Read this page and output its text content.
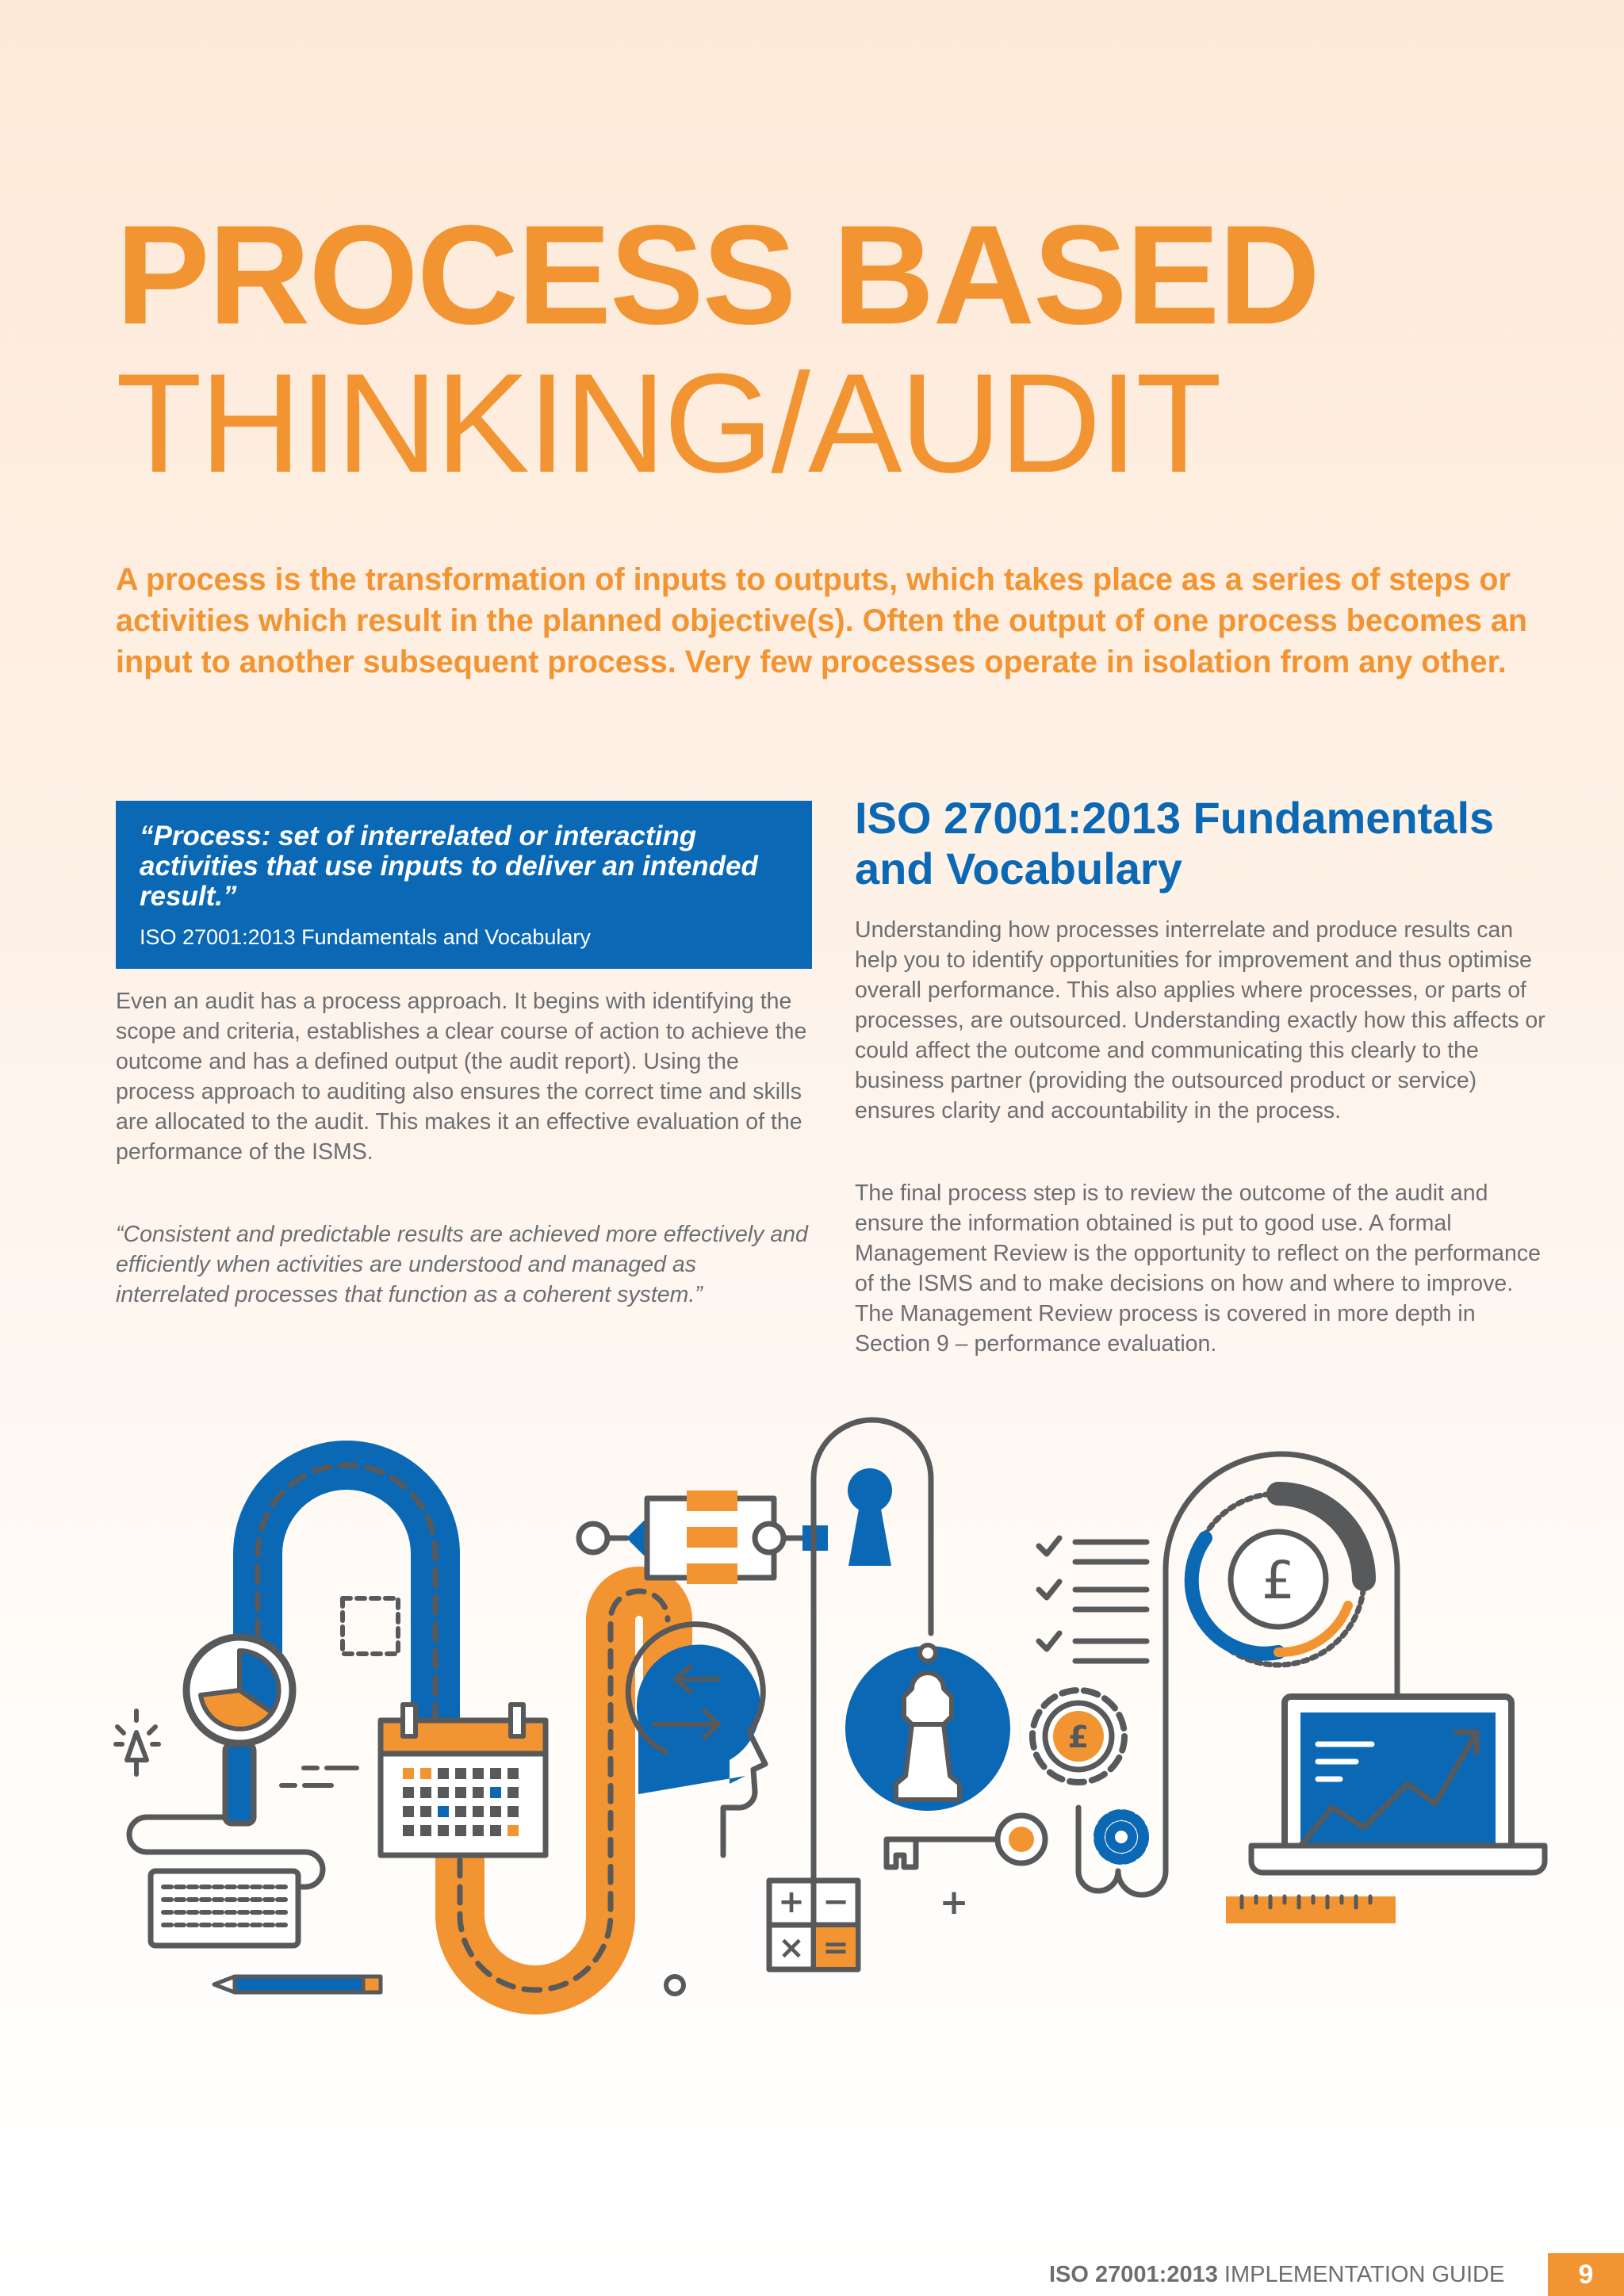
PROCESS BASED
THINKING/AUDIT

A process is the transformation of inputs to outputs, which takes place as a series of steps or activities which result in the planned objective(s). Often the output of one process becomes an input to another subsequent process. Very few processes operate in isolation from any other.

“Process: set of interrelated or interacting activities that use inputs to deliver an intended result.”

ISO 27001:2013 Fundamentals and Vocabulary

Even an audit has a process approach. It begins with identifying the scope and criteria, establishes a clear course of action to achieve the outcome and has a defined output (the audit report). Using the process approach to auditing also ensures the correct time and skills are allocated to the audit. This makes it an effective evaluation of the performance of the ISMS.

“Consistent and predictable results are achieved more effectively and efficiently when activities are understood and managed as interrelated processes that function as a coherent system.”

ISO 27001:2013 Fundamentals and Vocabulary

Understanding how processes interrelate and produce results can help you to identify opportunities for improvement and thus optimise overall performance. This also applies where processes, or parts of processes, are outsourced. Understanding exactly how this affects or could affect the outcome and communicating this clearly to the business partner (providing the outsourced product or service) ensures clarity and accountability in the process.

The final process step is to review the outcome of the audit and ensure the information obtained is put to good use. A formal Management Review is the opportunity to reflect on the performance of the ISMS and to make decisions on how and where to improve. The Management Review process is covered in more depth in Section 9 – performance evaluation.

+ −
× =
+
£
£
ISO 27001:2013 IMPLEMENTATION GUIDE	9
